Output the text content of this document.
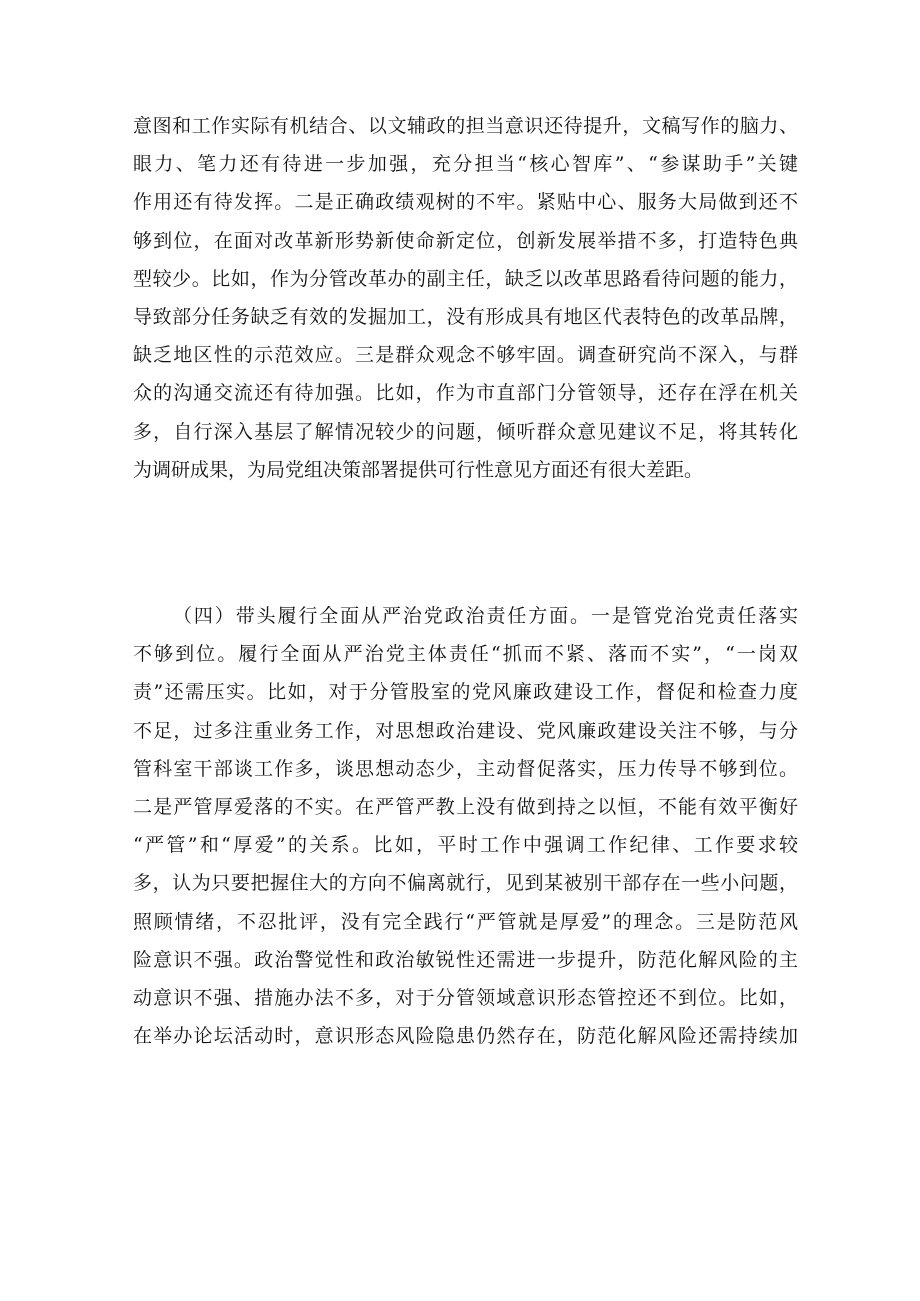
意图和工作实际有机结合、以文辅政的担当意识还待提升，文稿写作的脑力、
眼力、笔力还有待进一步加强，充分担当“核心智库”、“参谋助手”关键
作用还有待发挥。二是正确政绩观树的不牢。紧贴中心、服务大局做到还不
够到位，在面对改革新形势新使命新定位，创新发展举措不多，打造特色典
型较少。比如，作为分管改革办的副主任，缺乏以改革思路看待问题的能力，
导致部分任务缺乏有效的发掘加工，没有形成具有地区代表特色的改革品牌，
缺乏地区性的示范效应。三是群众观念不够牢固。调查研究尚不深入，与群
众的沟通交流还有待加强。比如，作为市直部门分管领导，还存在浮在机关
多，自行深入基层了解情况较少的问题，倾听群众意见建议不足，将其转化
为调研成果，为局党组决策部署提供可行性意见方面还有很大差距。
（四）带头履行全面从严治党政治责任方面。一是管党治党责任落实
不够到位。履行全面从严治党主体责任“抓而不紧、落而不实”，“一岗双
责”还需压实。比如，对于分管股室的党风廉政建设工作，督促和检查力度
不足，过多注重业务工作，对思想政治建设、党风廉政建设关注不够，与分
管科室干部谈工作多，谈思想动态少，主动督促落实，压力传导不够到位。
二是严管厚爱落的不实。在严管严教上没有做到持之以恒，不能有效平衡好
“严管”和“厚爱”的关系。比如，平时工作中强调工作纪律、工作要求较
多，认为只要把握住大的方向不偏离就行，见到某被别干部存在一些小问题，
照顾情绪，不忍批评，没有完全践行“严管就是厚爱”的理念。三是防范风
险意识不强。政治警觉性和政治敏锐性还需进一步提升，防范化解风险的主
动意识不强、措施办法不多，对于分管领域意识形态管控还不到位。比如，
在举办论坛活动时，意识形态风险隐患仍然存在，防范化解风险还需持续加
